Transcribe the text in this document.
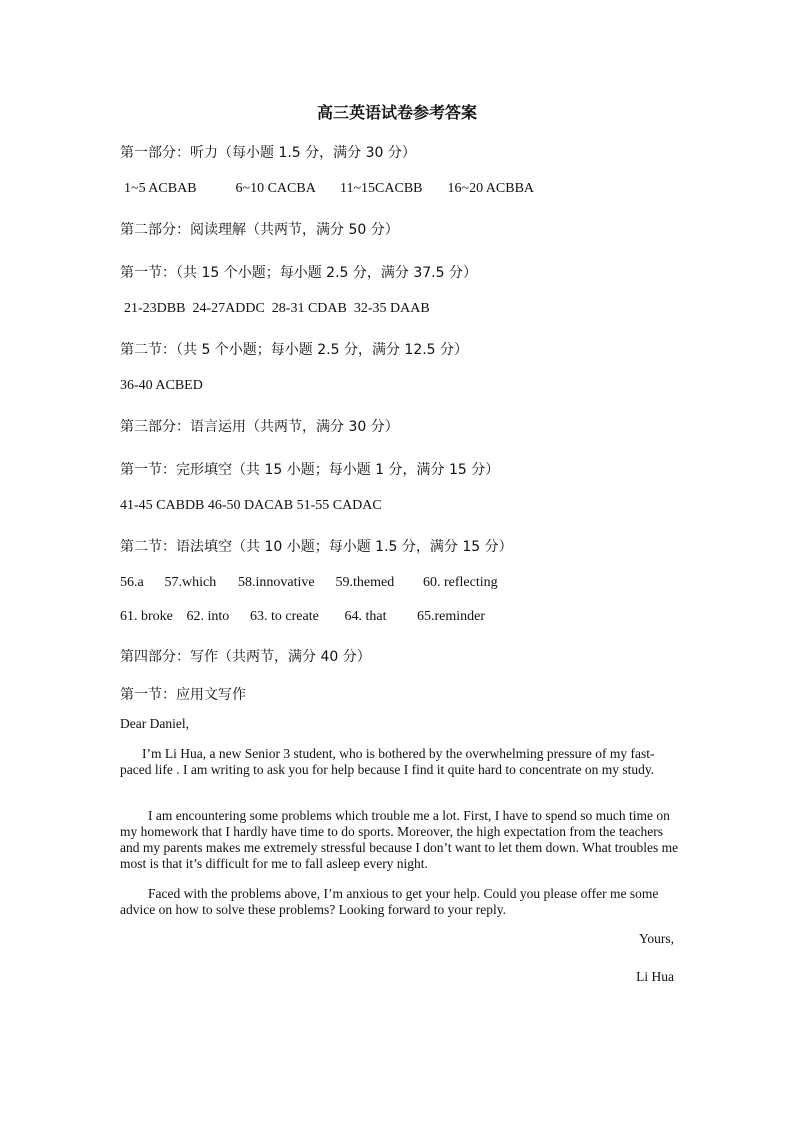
高三英语试卷参考答案
第一部分：听力（每小题 1.5 分，满分 30 分）
1~5 ACBAB	6~10 CACBA 11~15CACBB 16~20 ACBBA
第二部分：阅读理解（共两节，满分 50 分）
第一节：（共 15 个小题；每小题 2.5 分，满分 37.5 分）
21-23DBB  24-27ADDC  28-31 CDAB  32-35 DAAB
第二节：（共 5 个小题；每小题 2.5 分，满分 12.5 分）
36-40 ACBED
第三部分：语言运用（共两节，满分 30 分）
第一节：完形填空（共 15 小题；每小题 1 分，满分 15 分）
41-45 CABDB 46-50 DACAB 51-55 CADAC
第二节：语法填空（共 10 小题；每小题 1.5 分，满分 15 分）
56.a 57.which 58.innovative 59.themed 60. reflecting
61. broke 62. into 63. to create 64. that 65.reminder
第四部分：写作（共两节，满分 40 分）
第一节：应用文写作
Dear Daniel,
I’m Li Hua, a new Senior 3 student, who is bothered by the overwhelming pressure of my fast-paced life . I am writing to ask you for help because I find it quite hard to concentrate on my study.
I am encountering some problems which trouble me a lot. First, I have to spend so much time on my homework that I hardly have time to do sports. Moreover, the high expectation from the teachers and my parents makes me extremely stressful because I don’t want to let them down. What troubles me most is that it’s difficult for me to fall asleep every night.
Faced with the problems above, I’m anxious to get your help. Could you please offer me some advice on how to solve these problems? Looking forward to your reply.
Yours,
Li Hua
